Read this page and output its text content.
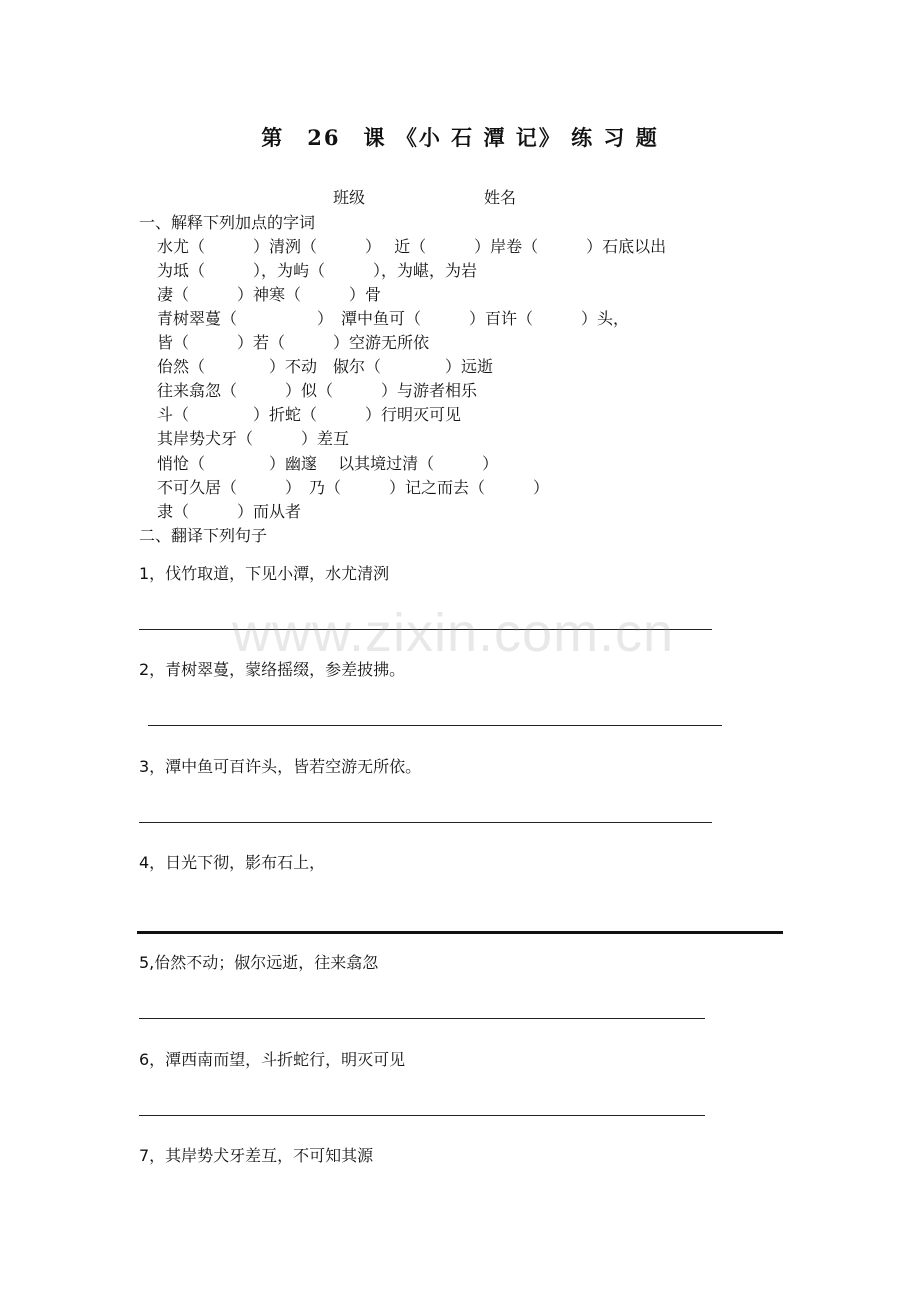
第　26　课 《小 石 潭 记》 练 习 题
班级	姓名
一、解释下列加点的字词
水尤（　　　）清洌（　　　）　 近（　　　）岸卷（　　　）石底以出
为坻（　　　），为屿（　　　），为嵁，为岩
凄（　　　）神寒（　　　）骨
青树翠蔓（　　　　　）　潭中鱼可（　　　）百许（　　　）头，
皆（　　　）若（　　　）空游无所依
佁然（　　　　）不动　俶尔（　　　　）远逝
往来翕忽（　　　）似（　　　）与游者相乐
斗（　　　　）折蛇（　　　）行明灭可见
其岸势犬牙（　　　）差互
悄怆（　　　　）幽邃　 以其境过清（　　　）
不可久居（　　　）　乃（　　　）记之而去（　　　）
隶（　　　）而从者
二、翻译下列句子
1，伐竹取道，下见小潭，水尤清洌
2，青树翠蔓，蒙络摇缀，参差披拂。
3，潭中鱼可百许头，皆若空游无所依。
4，日光下彻，影布石上，
5,佁然不动；俶尔远逝，往来翕忽
6，潭西南而望，斗折蛇行，明灭可见
7，其岸势犬牙差互，不可知其源
www.zixin.com.cn
